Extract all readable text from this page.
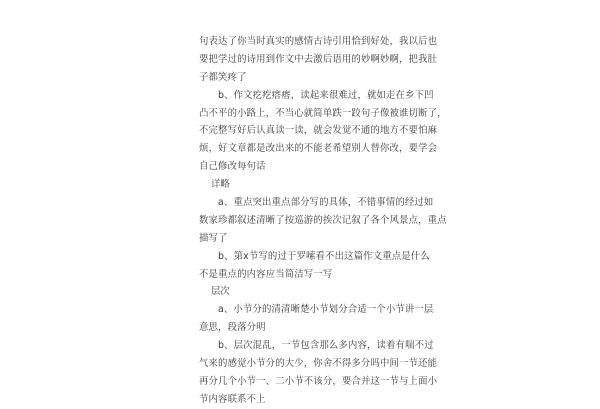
句表达了你当时真实的感情古诗引用恰到好处，我以后也
要把学过的诗用到作文中去激后语用的妙啊妙啊，把我肚
子都笑疼了
b、作文疙疙瘩瘩，读起来很难过，就如走在乡下凹
凸不平的小路上，不当心就简单跌一跤句子像被谁切断了，
不完整写好后认真读一读，就会发觉不通的地方不要怕麻
烦，好文章都是改出来的不能老希望别人替你改，要学会
自己修改每句话
详略
a、重点突出重点部分写的具体，不错事情的经过如
数家珍都叙述清晰了按巡游的挨次记叙了各个风景点，重点
描写了
b、第x节写的过于罗嗦看不出这篇作文重点是什么
不是重点的内容应当简洁写一写
层次
a、小节分的清清晰楚小节划分合适一个小节讲一层
意思，段落分明
b、层次混乱，一节包含那么多内容，读着有喘不过
气来的感觉小节分的大少，你舍不得多分吗中间一节还能
再分几个小节一、二小节不该分，要合并这一节与上面小
节内容联系不上
